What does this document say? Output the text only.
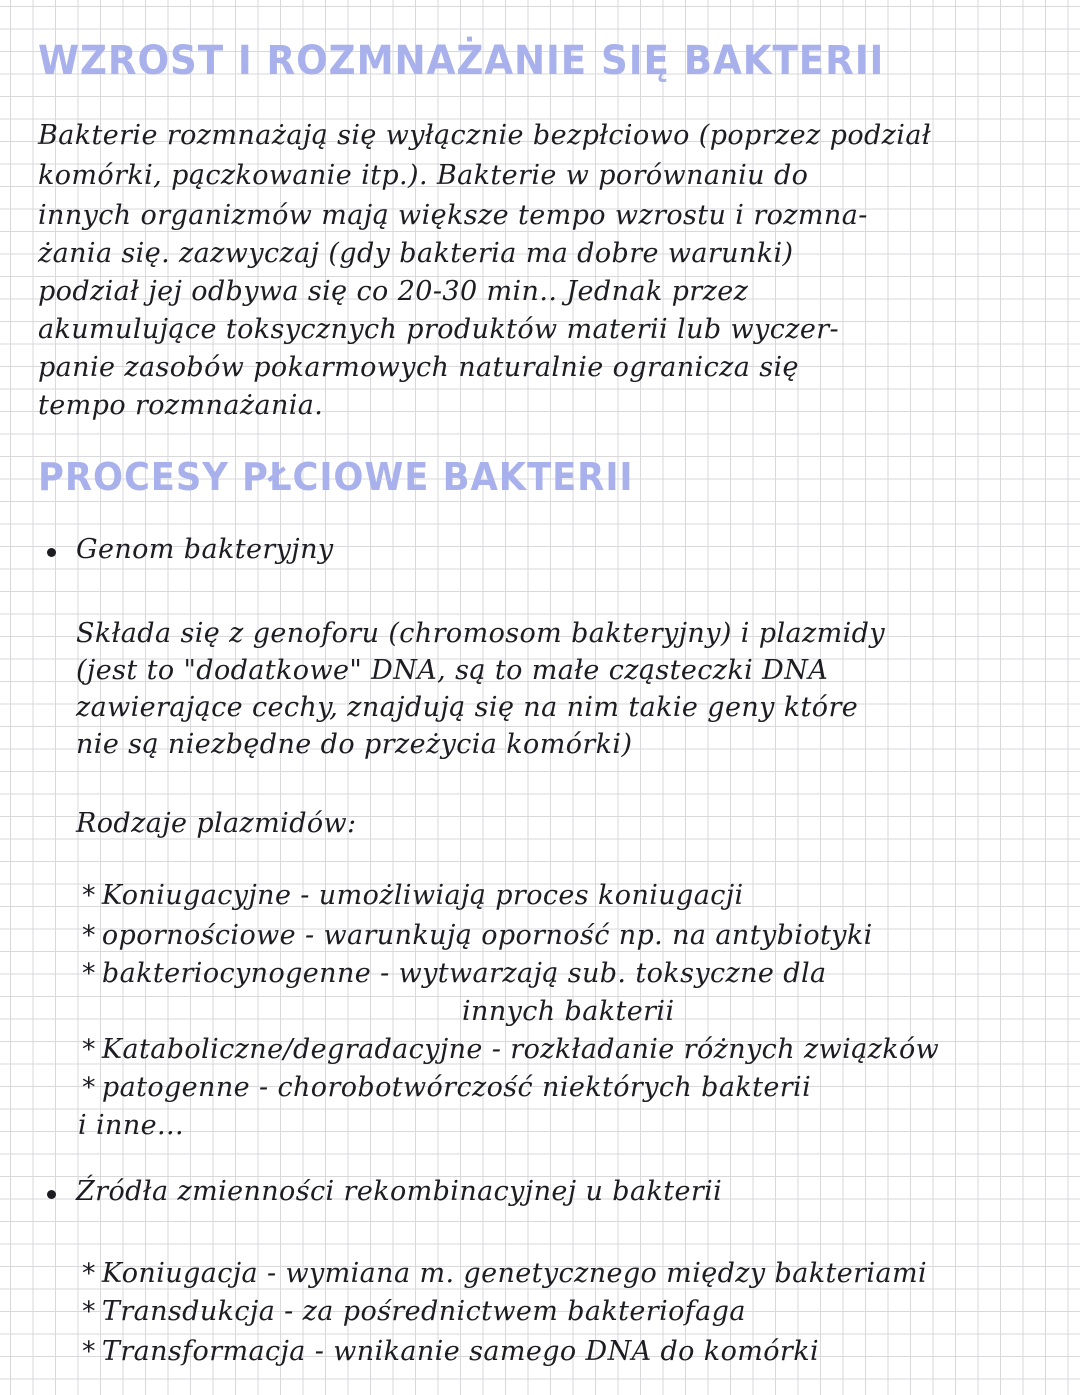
WZROST I ROZMNAŻANIE SIĘ BAKTERII
Bakterie rozmnażają się wyłącznie bezpłciowo (poprzez podział
komórki, pączkowanie itp.). Bakterie w porównaniu do
innych organizmów mają większe tempo wzrostu i rozmna-
żania się. zazwyczaj (gdy bakteria ma dobre warunki)
podział jej odbywa się co 20-30 min.. Jednak przez
akumulujące toksycznych produktów materii lub wyczer-
panie zasobów pokarmowych naturalnie ogranicza się
tempo rozmnażania.
PROCESY PŁCIOWE BAKTERII
Genom bakteryjny
Składa się z genoforu (chromosom bakteryjny) i plazmidy
(jest to "dodatkowe" DNA, są to małe cząsteczki DNA
zawierające cechy, znajdują się na nim takie geny które
nie są niezbędne do przeżycia komórki)
Rodzaje plazmidów:
* Koniugacyjne - umożliwiają proces koniugacji
* opornościowe - warunkują oporność np. na antybiotyki
* bakteriocynogenne - wytwarzają sub. toksyczne dla
innych bakterii
* Kataboliczne/degradacyjne - rozkładanie różnych związków
* patogenne - chorobotwórczość niektórych bakterii
i inne...
Źródła zmienności rekombinacyjnej u bakterii
* Koniugacja - wymiana m. genetycznego między bakteriami
* Transdukcja - za pośrednictwem bakteriofaga
* Transformacja - wnikanie samego DNA do komórki
